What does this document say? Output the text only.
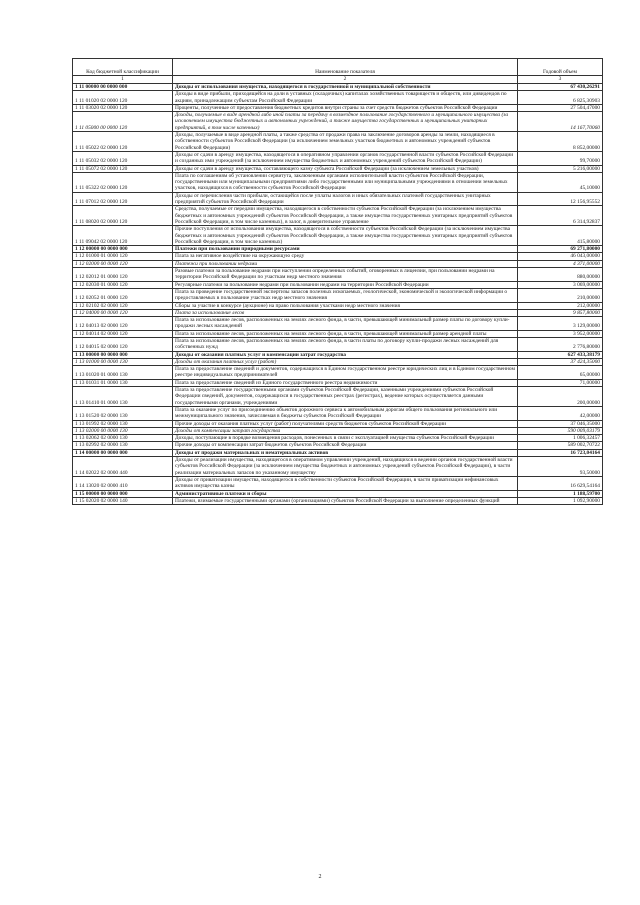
Код бюджетной классификации	Наименование показателя	Годовой объем
1	2	3
1 11 00000 00 0000 000	Доходы от использования имущества, находящегося в государственной и муниципальной собственности	67 430,26291
1 11 01020 02 0000 120	Доходы в виде прибыли, приходящейся на доли в уставных (складочных) капиталах хозяйственных товариществ и обществ, или дивидендов по акциям, принадлежащим субъектам Российской Федерации	6 825,30903
1 11 03020 02 0000 120	Проценты, полученные от предоставления бюджетных кредитов внутри страны за счет средств бюджетов субъектов Российской Федерации	27 504,47000
1 11 05000 00 0000 120	Доходы, получаемые в виде арендной либо иной платы за передачу в возмездное пользование государственного и муниципального имущества (за исключением имущества бюджетных и автономных учреждений, а также имущества государственных и муниципальных унитарных предприятий, в том числе казенных)	14 167,70060
1 11 05022 02 0000 120	Доходы, получаемые в виде арендной платы, а также средства от продажи права на заключение договоров аренды за земли, находящиеся в собственности субъектов Российской Федерации (за исключением земельных участков бюджетных и автономных учреждений субъектов Российской Федерации)	8 852,00000
1 11 05032 02 0000 120	Доходы от сдачи в аренду имущества, находящегося в оперативном управлении органов государственной власти субъектов Российской Федерации и созданных ими учреждений (за исключением имущества бюджетных и автономных учреждений субъектов Российской Федерации)	99,70000
1 11 05072 02 0000 120	Доходы от сдачи в аренду имущества, составляющего казну субъекта Российской Федерации (за исключением земельных участков)	5 216,00000
1 11 05322 02 0000 120	Плата по соглашениям об установлении сервитута, заключенным органами исполнительной власти субъектов Российской Федерации, государственными или муниципальными предприятиями либо государственными или муниципальными учреждениями в отношении земельных участков, находящихся в собственности субъектов Российской Федерации	45,10000
1 11 07012 02 0000 120	Доходы от перечисления части прибыли, остающейся после уплаты налогов и иных обязательных платежей государственных унитарных предприятий субъектов Российской Федерации	12 156,95552
1 11 08020 02 0000 120	Средства, получаемые от передачи имущества, находящегося в собственности субъектов Российской Федерации (за исключением имущества бюджетных и автономных учреждений субъектов Российской Федерации, а также имущества государственных унитарных предприятий субъектов Российской Федерации, в том числе казенных), в залог, в доверительное управление	6 314,92837
1 11 09042 02 0000 120	Прочие поступления от использования имущества, находящегося в собственности субъектов Российской Федерации (за исключением имущества бюджетных и автономных учреждений субъектов Российской Федерации, а также имущества государственных унитарных предприятий субъектов Российской Федерации, в том числе казенных)	415,80000
1 12 00000 00 0000 000	Платежи при пользовании природными ресурсами	69 271,80000
1 12 01000 01 0000 120	Плата за негативное воздействие на окружающую среду	46 043,00000
1 12 02000 00 0000 120	Платежи при пользовании недрами	4 371,00000
1 12 02012 01 0000 120	Разовые платежи за пользование недрами при наступлении определенных событий, оговоренных в лицензии, при пользовании недрами на территории Российской Федерации по участкам недр местного значения	880,00000
1 12 02030 01 0000 120	Регулярные платежи за пользование недрами при пользовании недрами на территории Российской Федерации	3 069,00000
1 12 02052 01 0000 120	Плата за проведение государственной экспертизы запасов полезных ископаемых, геологической, экономической и экологической информации о предоставляемых в пользование участках недр местного значения	210,00000
1 12 02102 02 0000 120	Сборы за участие в конкурсе (аукционе) на право пользования участками недр местного значения	212,00000
1 12 04000 00 0000 120	Плата за использование лесов	9 857,80000
1 12 04013 02 0000 120	Плата за использование лесов, расположенных на землях лесного фонда, в части, превышающей минимальный размер платы по договору купли-продажи лесных насаждений	3 129,00000
1 12 04014 02 0000 120	Плата за использование лесов, расположенных на землях лесного фонда, в части, превышающей минимальный размер арендной платы	3 952,00000
1 12 04015 02 0000 120	Плата за использование лесов, расположенных на землях лесного фонда, в части платы по договору купли-продажи лесных насаждений для собственных нужд	2 776,80000
1 13 00000 00 0000 000	Доходы от оказания платных услуг и компенсации затрат государства	627 433,38179
1 13 01000 00 0000 130	Доходы от оказания платных услуг (работ)	37 424,35000
1 13 01020 01 0000 130	Плата за предоставление сведений и документов, содержащихся в Едином государственном реестре юридических лиц и в Едином государственном реестре индивидуальных предпринимателей	65,00000
1 13 01031 01 0000 130	Плата за предоставление сведений из Единого государственного реестра недвижимости	71,00000
1 13 01410 01 0000 130	Плата за предоставление государственными органами субъектов Российской Федерации, казенными учреждениями субъектов Российской Федерации сведений, документов, содержащихся в государственных реестрах (регистрах), ведение которых осуществляется данными государственными органами, учреждениями	200,00000
1 13 01520 02 0000 130	Плата за оказание услуг по присоединению объектов дорожного сервиса к автомобильным дорогам общего пользования регионального или межмуниципального значения, зачисляемая в бюджеты субъектов Российской Федерации	42,00000
1 13 01992 02 0000 130	Прочие доходы от оказания платных услуг (работ) получателями средств бюджетов субъектов Российской Федерации	37 046,35000
1 13 02000 00 0000 130	Доходы от компенсации затрат государства	590 009,03179
1 13 02062 02 0000 130	Доходы, поступающие в порядке возмещения расходов, понесенных в связи с эксплуатацией имущества субъектов Российской Федерации	1 006,32457
1 13 02992 02 0000 130	Прочие доходы от компенсации затрат бюджетов субъектов Российской Федерации	589 002,70722
1 14 00000 00 0000 000	Доходы от продажи материальных и нематериальных активов	16 723,04164
1 14 02022 02 0000 440	Доходы от реализации имущества, находящегося в оперативном управлении учреждений, находящихся в ведении органов государственной власти субъектов Российской Федерации (за исключением имущества бюджетных и автономных учреждений субъектов Российской Федерации), в части реализации материальных запасов по указанному имуществу	93,50000
1 14 13020 02 0000 410	Доходы от приватизации имущества, находящегося в собственности субъектов Российской Федерации, в части приватизации нефинансовых активов имущества казны	16 629,54164
1 15 00000 00 0000 000	Административные платежи и сборы	1 188,59700
1 15 02020 02 0000 140	Платежи, взимаемые государственными органами (организациями) субъектов Российской Федерации за выполнение определенных функций	1 092,90000
2
